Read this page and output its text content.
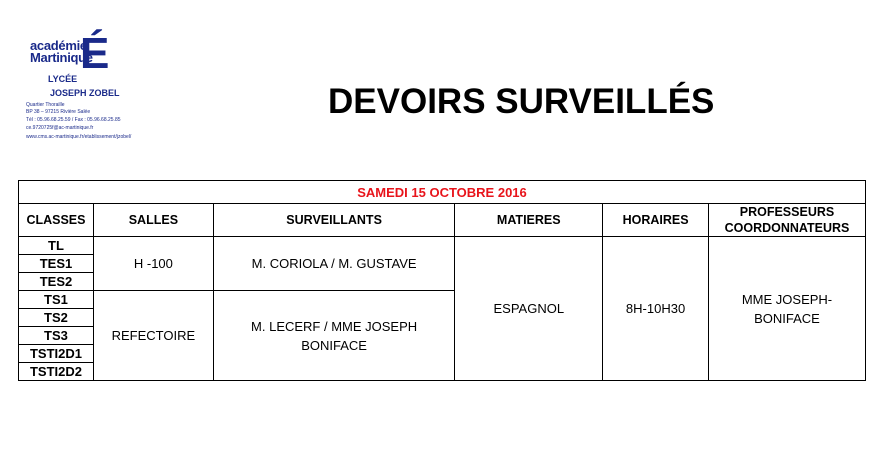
académie
Martinique
É
LYCÉE
JOSEPH ZOBEL
Quartier Thoraille
BP 38 – 97215 Rivière Salée
Tél : 05.96.68.25.59 / Fax : 05.96.68.25.85
ce.9720725f@ac-martinique.fr
www.cms.ac-martinique.fr/etablissement/jzobel/
DEVOIRS SURVEILLÉS
SAMEDI 15 OCTOBRE 2016					
CLASSES	SALLES	SURVEILLANTS	MATIERES	HORAIRES	PROFESSEURS COORDONNATEURS
TL	H -100	M. CORIOLA / M. GUSTAVE	ESPAGNOL	8H-10H30	MME JOSEPH-BONIFACE
TES1					
TES2					
TS1	REFECTOIRE	M. LECERF / MME JOSEPH BONIFACE			
TS2					
TS3					
TSTI2D1					
TSTI2D2					
